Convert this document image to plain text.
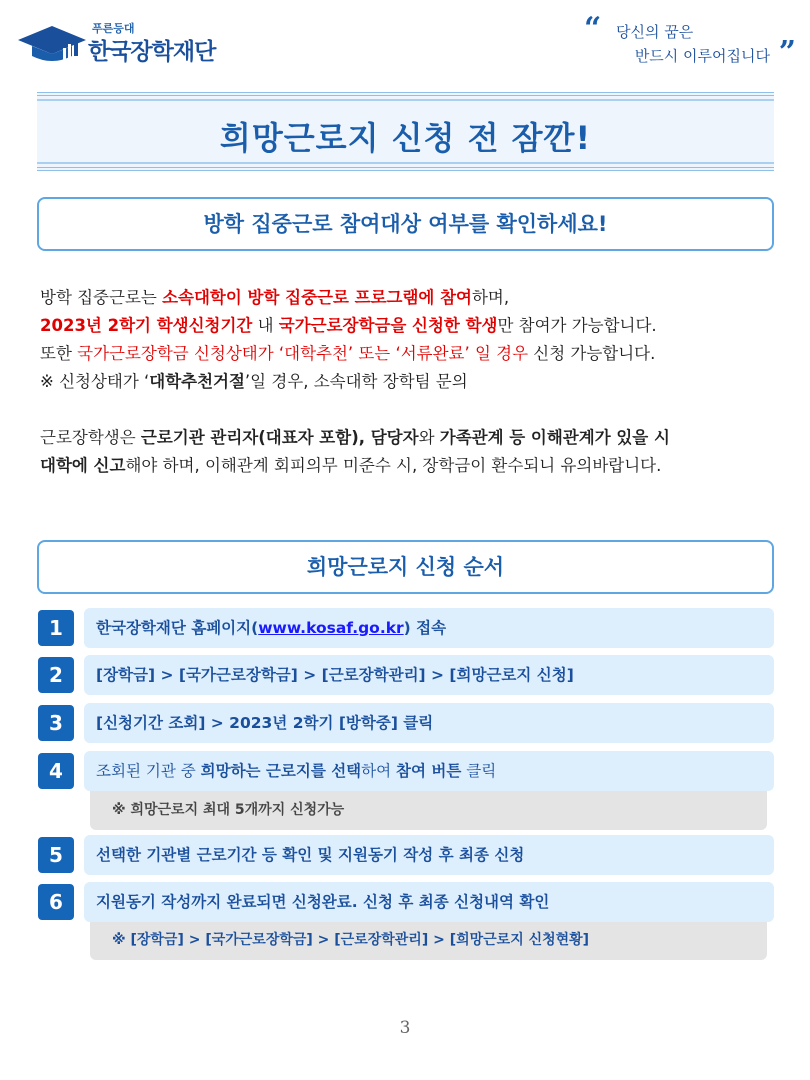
푸른등대
한국장학재단
“ 당신의 꿈은
반드시 이루어집니다 ”
희망근로지 신청 전 잠깐!
방학 집중근로 참여대상 여부를 확인하세요!
방학 집중근로는 소속대학이 방학 집중근로 프로그램에 참여하며,
2023년 2학기 학생신청기간 내 국가근로장학금을 신청한 학생만 참여가 가능합니다.
또한 국가근로장학금 신청상태가 ‘대학추천’ 또는 ‘서류완료’ 일 경우 신청 가능합니다.
※ 신청상태가 ‘대학추천거절’일 경우, 소속대학 장학팀 문의
근로장학생은 근로기관 관리자(대표자 포함), 담당자와 가족관계 등 이해관계가 있을 시
대학에 신고해야 하며, 이해관계 회피의무 미준수 시, 장학금이 환수되니 유의바랍니다.
희망근로지 신청 순서
1	한국장학재단 홈페이지(www.kosaf.go.kr) 접속
2	[장학금] > [국가근로장학금] > [근로장학관리] > [희망근로지 신청]
3	[신청기간 조회] > 2023년 2학기 [방학중] 클릭
※ 희망근로지 최대 5개까지 신청가능
4	조회된 기관 중 희망하는 근로지를 선택하여 참여 버튼 클릭
5	선택한 기관별 근로기간 등 확인 및 지원동기 작성 후 최종 신청
※ [장학금] > [국가근로장학금] > [근로장학관리] > [희망근로지 신청현황]
6	지원동기 작성까지 완료되면 신청완료. 신청 후 최종 신청내역 확인
3
